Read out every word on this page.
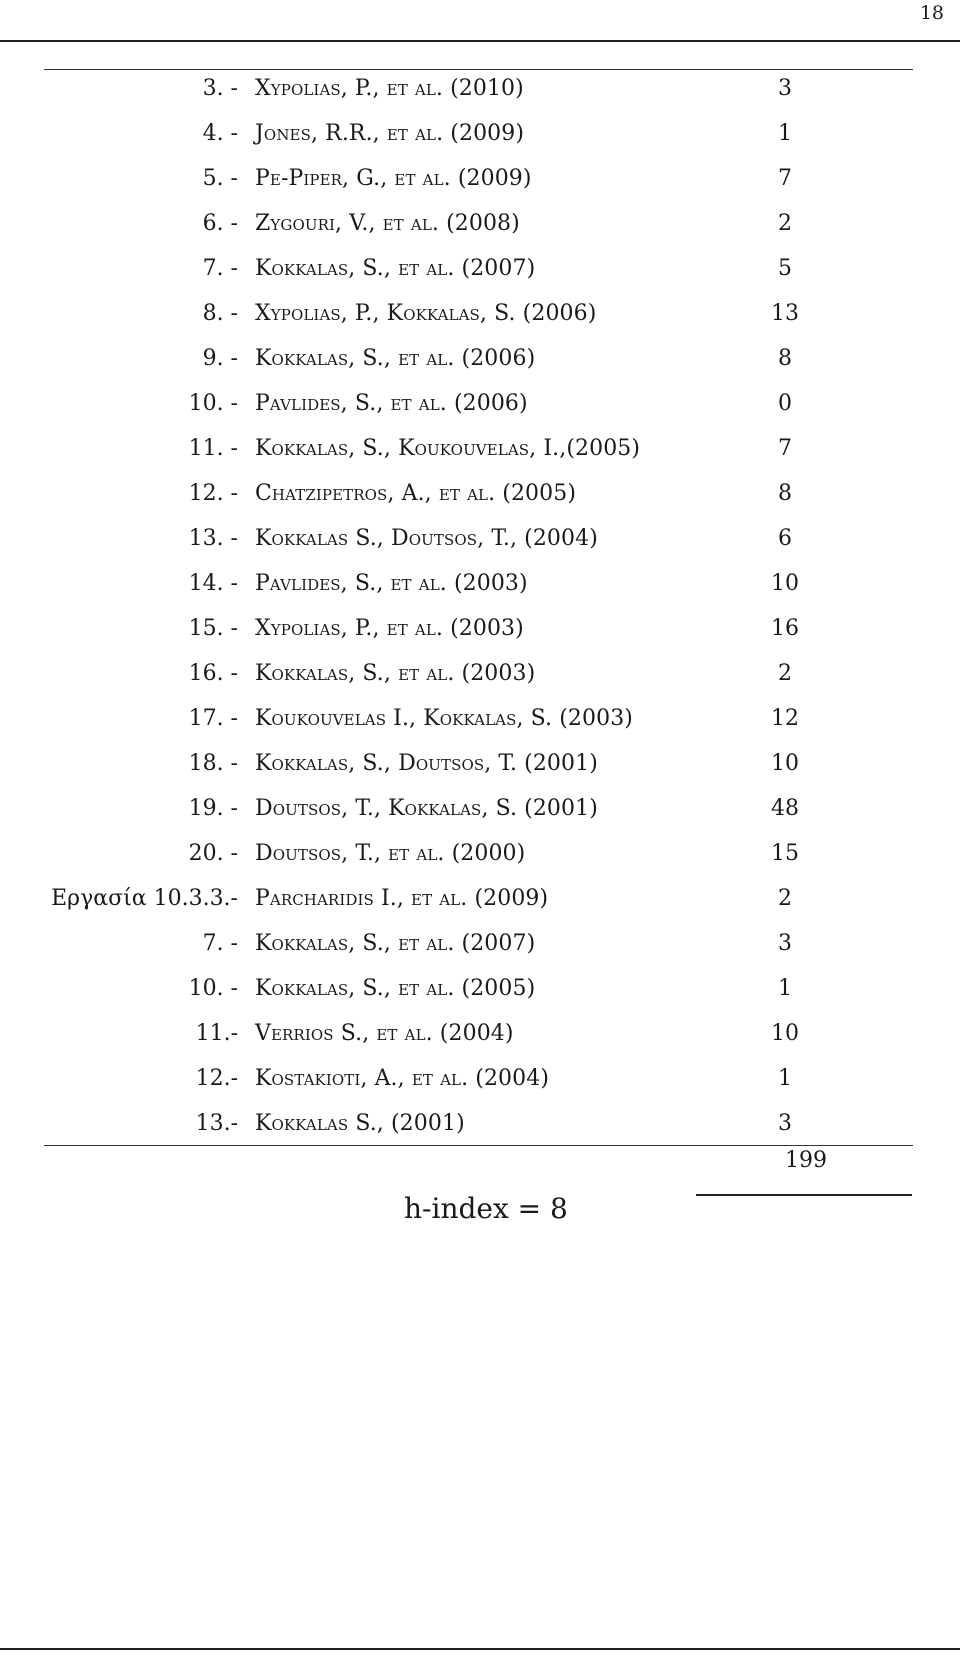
18
3. - Xypolias, P., et al. (2010)	3
4. - Jones, R.R., et al. (2009)	1
5. - Pe-Piper, G., et al. (2009)	7
6. - Zygouri, V., et al. (2008)	2
7. - Kokkalas, S., et al. (2007)	5
8. - Xypolias, P., Kokkalas, S. (2006)	13
9. - Kokkalas, S., et al. (2006)	8
10. - Pavlides, S., et al. (2006)	0
11. - Kokkalas, S., Koukouvelas, I.,(2005)	7
12. - Chatzipetros, A., et al. (2005)	8
13. - Kokkalas S., Doutsos, T., (2004)	6
14. - Pavlides, S., et al. (2003)	10
15. - Xypolias, P., et al. (2003)	16
16. - Kokkalas, S., et al. (2003)	2
17. - Koukouvelas I., Kokkalas, S. (2003)	12
18. - Kokkalas, S., Doutsos, T. (2001)	10
19. - Doutsos, T., Kokkalas, S. (2001)	48
20. - Doutsos, T., et al. (2000)	15
Εργασία 10.3.3.- Parcharidis I., et al. (2009)	2
7. - Kokkalas, S., et al. (2007)	3
10. - Kokkalas, S., et al. (2005)	1
11.- Verrios S., et al. (2004)	10
12.- Kostakioti, A., et al. (2004)	1
13.- Kokkalas S., (2001)	3
199
h-index = 8
